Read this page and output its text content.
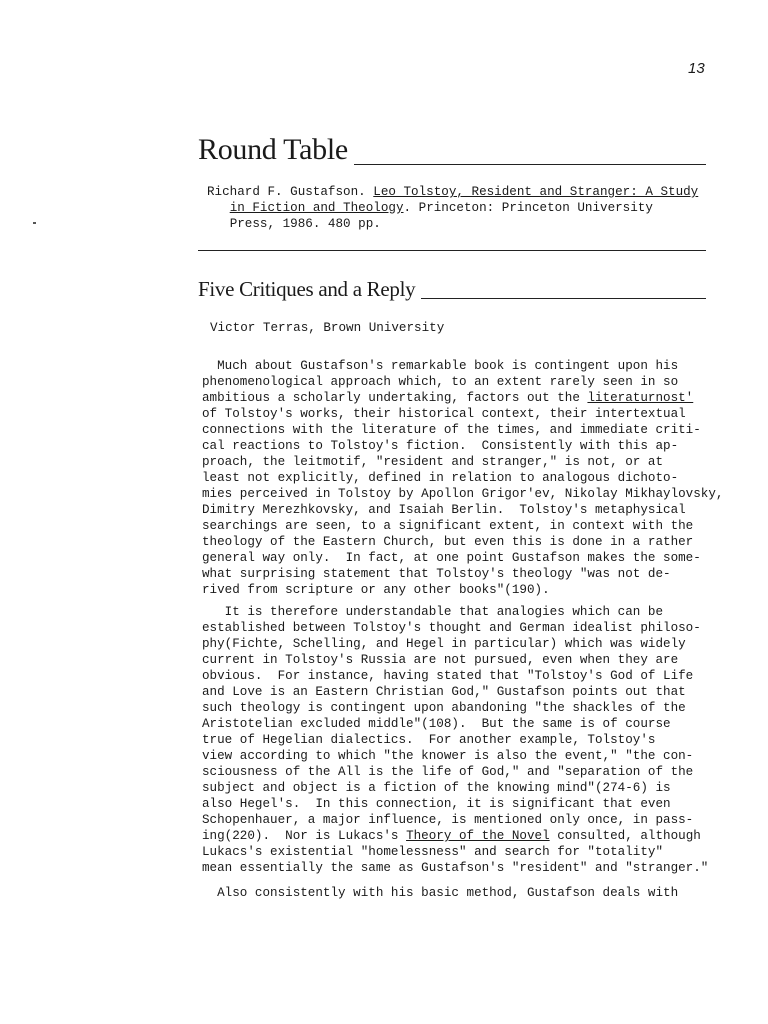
13
Round Table
Richard F. Gustafson. Leo Tolstoy, Resident and Stranger: A Study
in Fiction and Theology. Princeton: Princeton University
Press, 1986. 480 pp.
Five Critiques and a Reply
Victor Terras, Brown University
Much about Gustafson's remarkable book is contingent upon his
phenomenological approach which, to an extent rarely seen in so
ambitious a scholarly undertaking, factors out the literaturnost'
of Tolstoy's works, their historical context, their intertextual
connections with the literature of the times, and immediate criti-
cal reactions to Tolstoy's fiction.  Consistently with this ap-
proach, the leitmotif, "resident and stranger," is not, or at
least not explicitly, defined in relation to analogous dichoto-
mies perceived in Tolstoy by Apollon Grigor'ev, Nikolay Mikhaylovsky,
Dimitry Merezhkovsky, and Isaiah Berlin.  Tolstoy's metaphysical
searchings are seen, to a significant extent, in context with the
theology of the Eastern Church, but even this is done in a rather
general way only.  In fact, at one point Gustafson makes the some-
what surprising statement that Tolstoy's theology "was not de-
rived from scripture or any other books"(190).
It is therefore understandable that analogies which can be
established between Tolstoy's thought and German idealist philoso-
phy(Fichte, Schelling, and Hegel in particular) which was widely
current in Tolstoy's Russia are not pursued, even when they are
obvious.  For instance, having stated that "Tolstoy's God of Life
and Love is an Eastern Christian God," Gustafson points out that
such theology is contingent upon abandoning "the shackles of the
Aristotelian excluded middle"(108).  But the same is of course
true of Hegelian dialectics.  For another example, Tolstoy's
view according to which "the knower is also the event," "the con-
sciousness of the All is the life of God," and "separation of the
subject and object is a fiction of the knowing mind"(274-6) is
also Hegel's.  In this connection, it is significant that even
Schopenhauer, a major influence, is mentioned only once, in pass-
ing(220).  Nor is Lukacs's Theory of the Novel consulted, although
Lukacs's existential "homelessness" and search for "totality"
mean essentially the same as Gustafson's "resident" and "stranger."
Also consistently with his basic method, Gustafson deals with
